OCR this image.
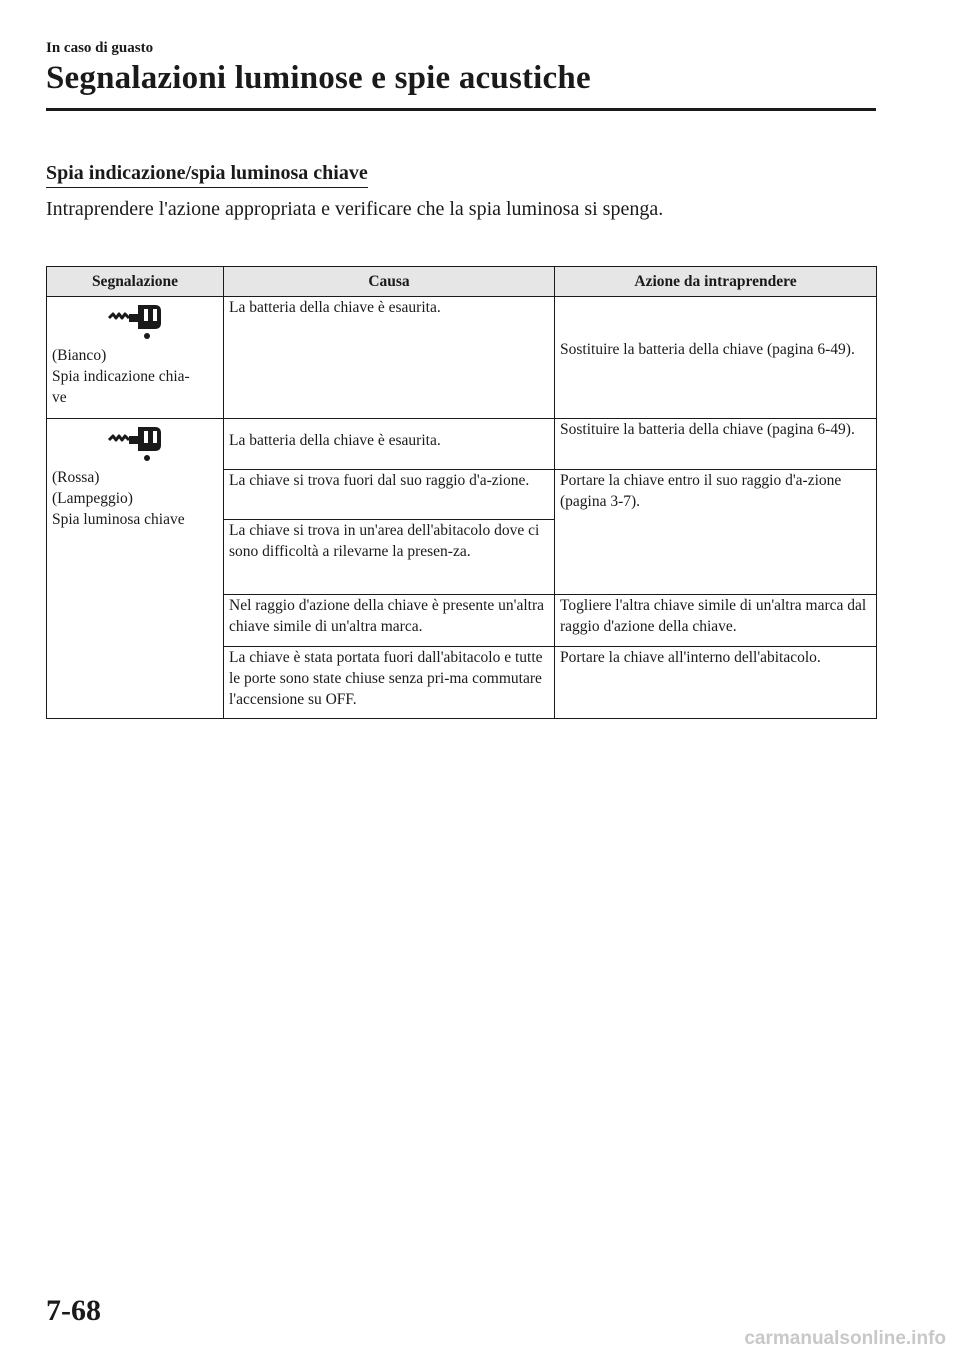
In caso di guasto
Segnalazioni luminose e spie acustiche
Spia indicazione/spia luminosa chiave
Intraprendere l'azione appropriata e verificare che la spia luminosa si spenga.
Segnalazione	Causa	Azione da intraprendere

(Bianco)
Spia indicazione chia-
ve	La batteria della chiave è esaurita.	Sostituire la batteria della chiave (pagina 6-49).

(Rossa)
(Lampeggio)
Spia luminosa chiave	La batteria della chiave è esaurita.	Sostituire la batteria della chiave (pagina 6-49).
	La chiave si trova fuori dal suo raggio d'a-zione.	Portare la chiave entro il suo raggio d'a-zione (pagina 3-7).
	La chiave si trova in un'area dell'abitacolo dove ci sono difficoltà a rilevarne la presen-za.	
	Nel raggio d'azione della chiave è presente un'altra chiave simile di un'altra marca.	Togliere l'altra chiave simile di un'altra marca dal raggio d'azione della chiave.
	La chiave è stata portata fuori dall'abitacolo e tutte le porte sono state chiuse senza pri-ma commutare l'accensione su OFF.	Portare la chiave all'interno dell'abitacolo.
7-68
carmanualsonline.info
